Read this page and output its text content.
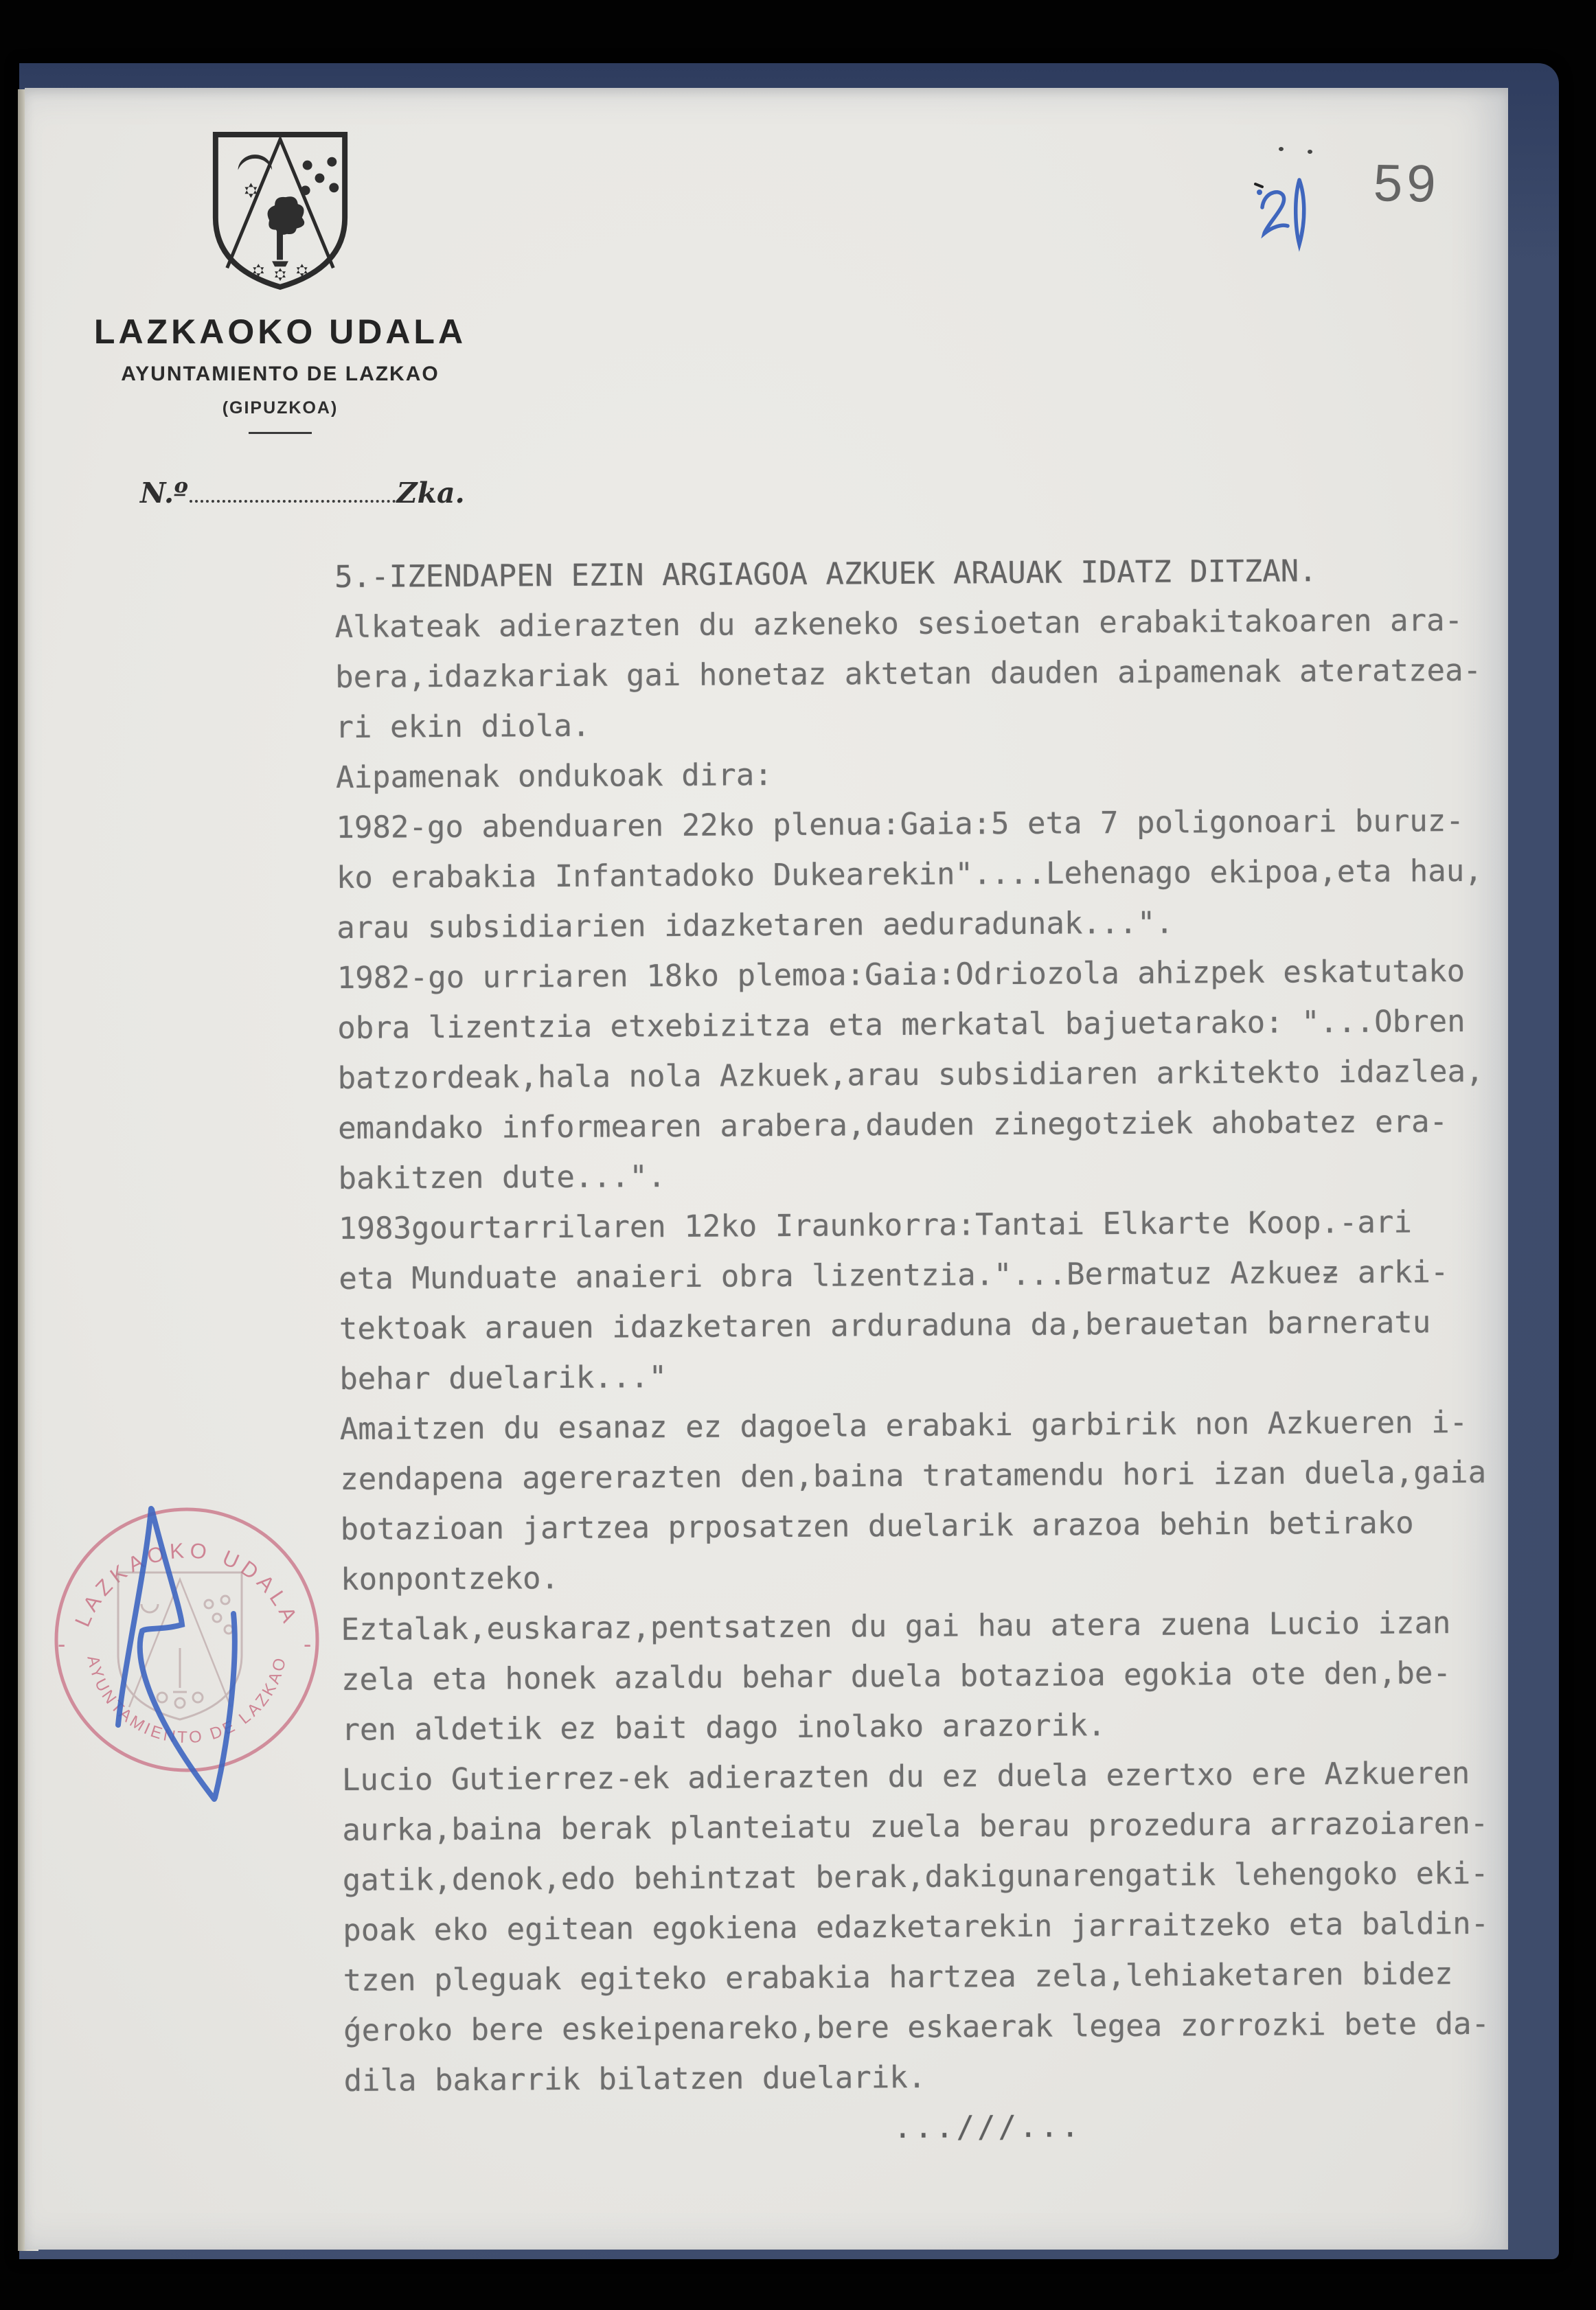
LAZKAOKO UDALA
AYUNTAMIENTO DE LAZKAO
(GIPUZKOA)
N.º	Zka.
59
5.-IZENDAPEN EZIN ARGIAGOA AZKUEK ARAUAK IDATZ DITZAN.
Alkateak adierazten du azkeneko sesioetan erabakitakoaren ara-
bera,idazkariak gai honetaz aktetan dauden aipamenak ateratzea-
ri ekin diola.
Aipamenak ondukoak dira:
1982-go abenduaren 22ko plenua:Gaia:5 eta 7 poligonoari buruz-
ko erabakia Infantadoko Dukearekin"....Lehenago ekipoa,eta hau,
arau subsidiarien idazketaren aeduradunak...".
1982-go urriaren 18ko plemoa:Gaia:Odriozola ahizpek eskatutako
obra lizentzia etxebizitza eta merkatal bajuetarako: "...Obren
batzordeak,hala nola Azkuek,arau subsidiaren arkitekto idazlea,
emandako informearen arabera,dauden zinegotziek ahobatez era-
bakitzen dute...".
1983gourtarrilaren 12ko Iraunkorra:Tantai Elkarte Koop.-ari
eta Munduate anaieri obra lizentzia."...Bermatuz Azkueƶ arki-
tektoak arauen idazketaren arduraduna da,berauetan barneratu
behar duelarik..."
Amaitzen du esanaz ez dagoela erabaki garbirik non Azkueren i-
zendapena agererazten den,baina tratamendu hori izan duela,gaia
botazioan jartzea prposatzen duelarik arazoa behin betirako
konpontzeko.
Eztalak,euskaraz,pentsatzen du gai hau atera zuena Lucio izan
zela eta honek azaldu behar duela botazioa egokia ote den,be-
ren aldetik ez bait dago inolako arazorik.
Lucio Gutierrez-ek adierazten du ez duela ezertxo ere Azkueren
aurka,baina berak planteiatu zuela berau prozedura arrazoiaren-
gatik,denok,edo behintzat berak,dakigunarengatik lehengoko eki-
poak eko egitean egokiena edazketarekin jarraitzeko eta baldin-
tzen pleguak egiteko erabakia hartzea zela,lehiaketaren bidez
ǵeroko bere eskeipenareko,bere eskaerak legea zorrozki bete da-
dila bakarrik bilatzen duelarik.
...///...
LAZKAOKO UDALA
AYUNTAMIENTO DE LAZKAO
-	-
